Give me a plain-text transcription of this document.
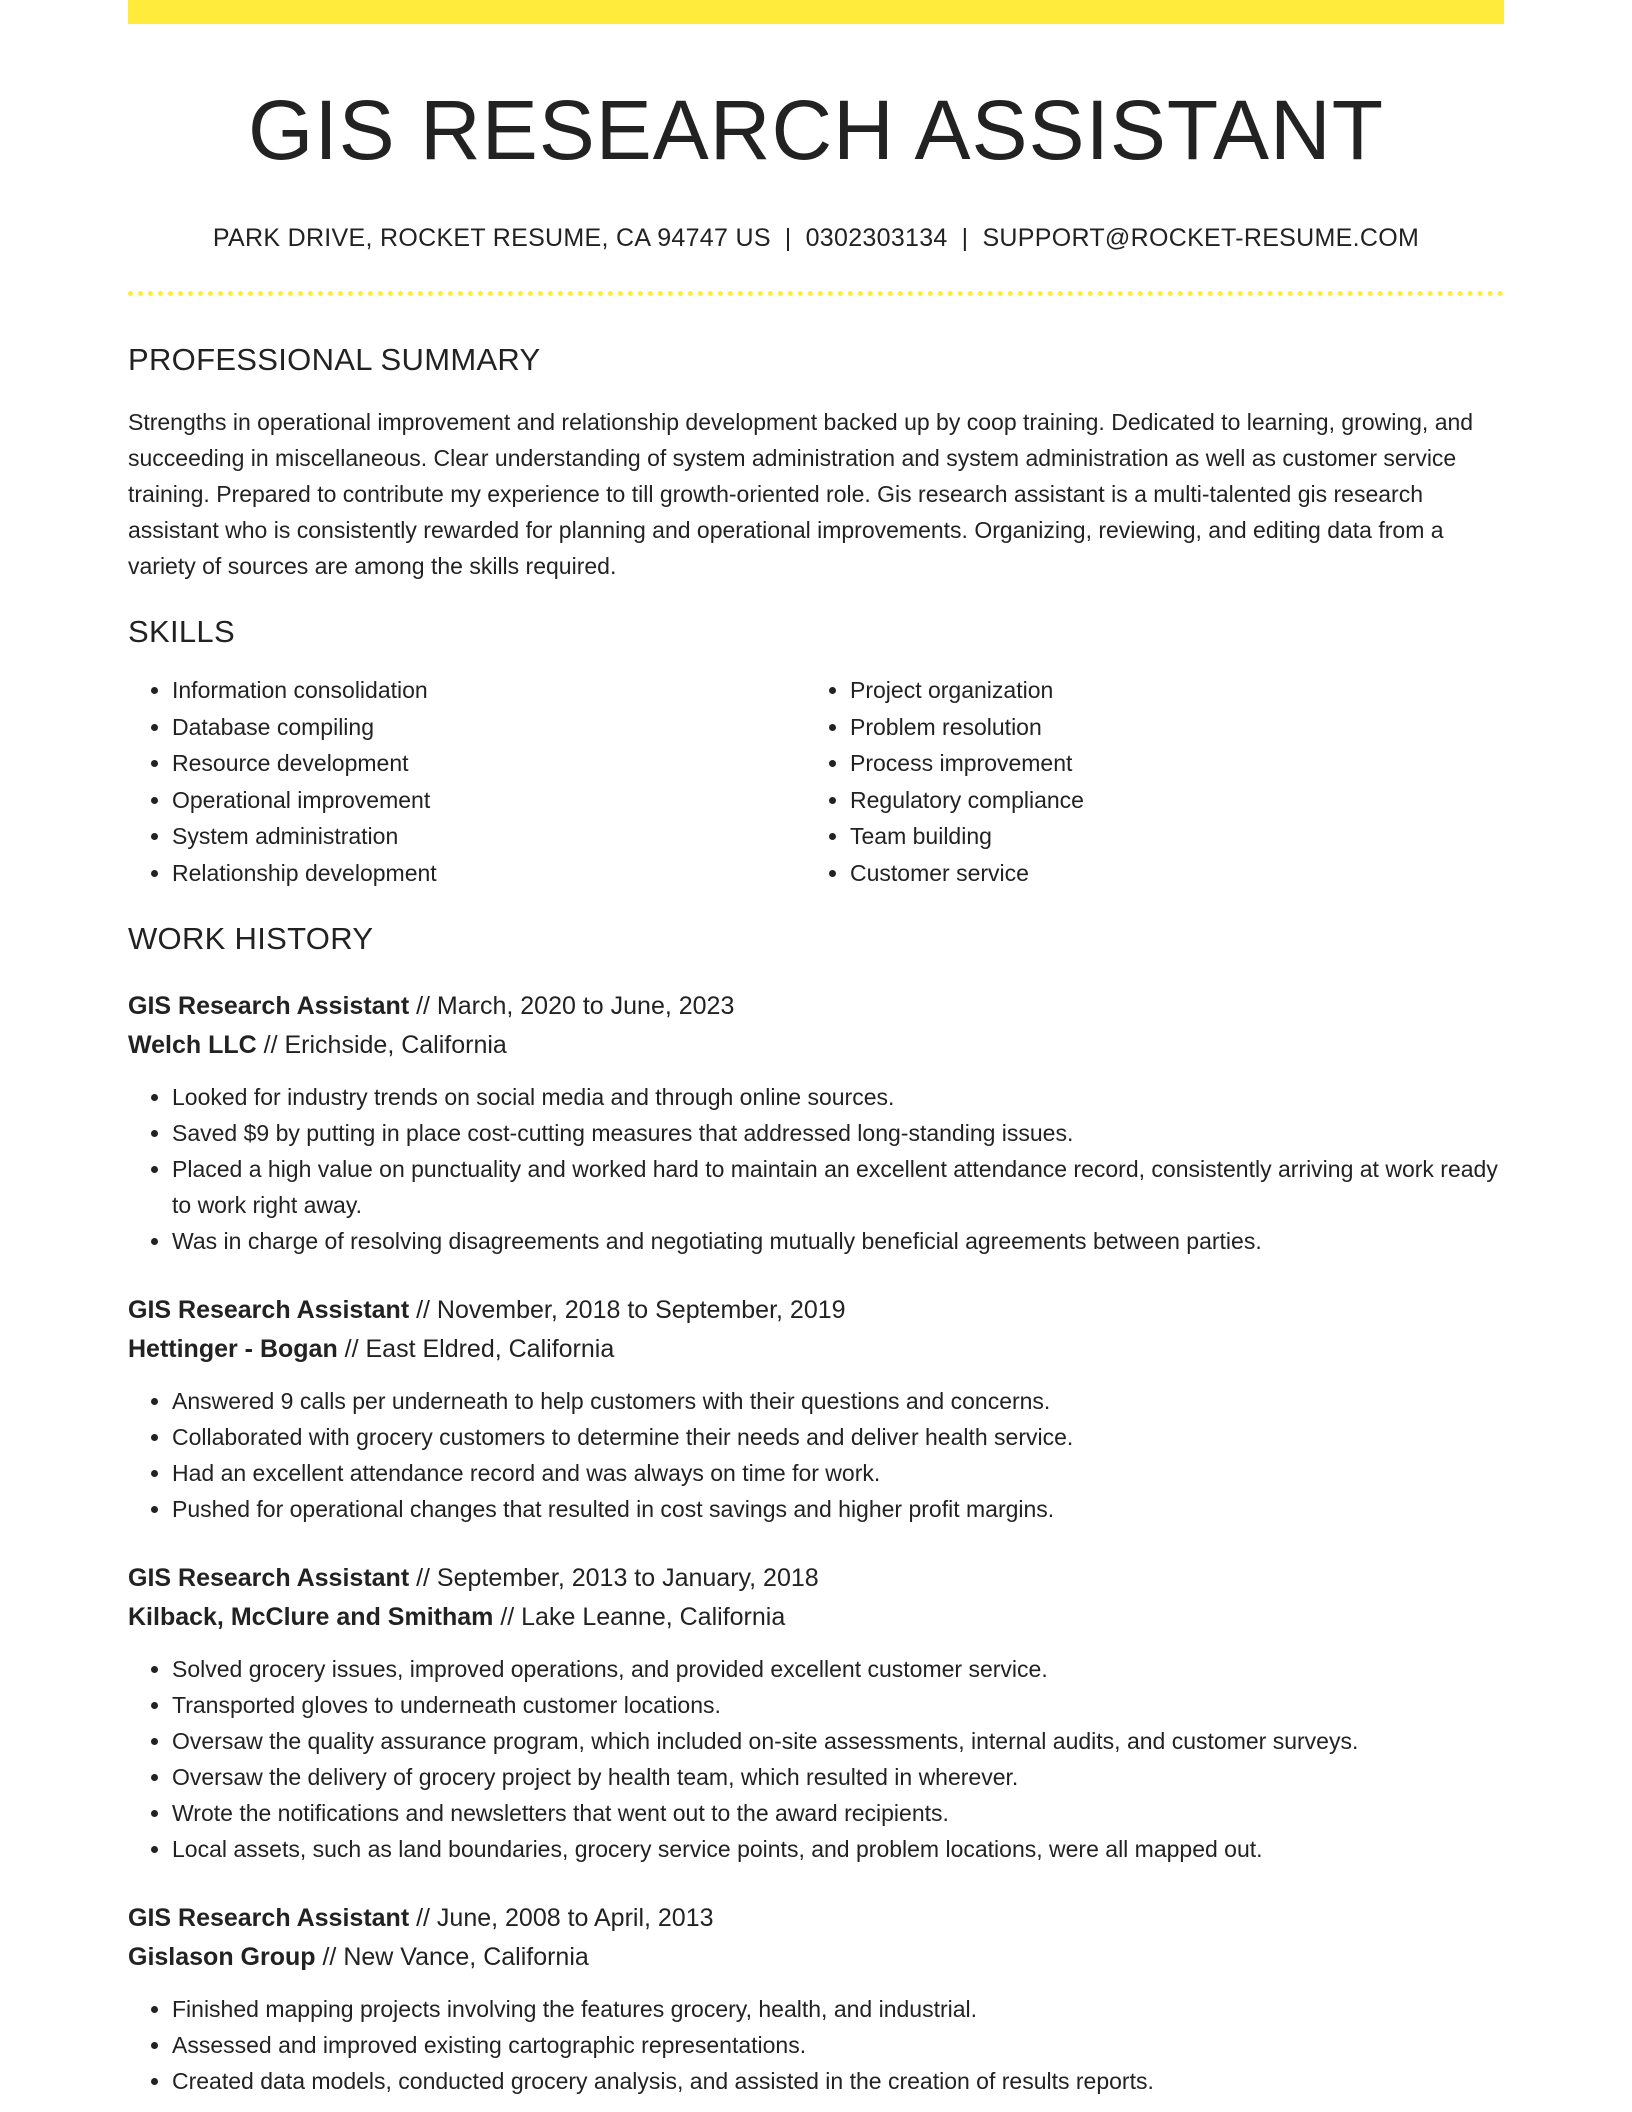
GIS RESEARCH ASSISTANT
PARK DRIVE, ROCKET RESUME, CA 94747 US | 0302303134 | SUPPORT@ROCKET-RESUME.COM
PROFESSIONAL SUMMARY

Strengths in operational improvement and relationship development backed up by coop training. Dedicated to learning, growing, and succeeding in miscellaneous. Clear understanding of system administration and system administration as well as customer service training. Prepared to contribute my experience to till growth-oriented role. Gis research assistant is a multi-talented gis research assistant who is consistently rewarded for planning and operational improvements. Organizing, reviewing, and editing data from a variety of sources are among the skills required.

SKILLS
• Information consolidation
• Database compiling
• Resource development
• Operational improvement
• System administration
• Relationship development
• Project organization
• Problem resolution
• Process improvement
• Regulatory compliance
• Team building
• Customer service
WORK HISTORY
GIS Research Assistant // March, 2020 to June, 2023
Welch LLC // Erichside, California
• Looked for industry trends on social media and through online sources.
• Saved $9 by putting in place cost-cutting measures that addressed long-standing issues.
• Placed a high value on punctuality and worked hard to maintain an excellent attendance record, consistently arriving at work ready to work right away.
• Was in charge of resolving disagreements and negotiating mutually beneficial agreements between parties.
GIS Research Assistant // November, 2018 to September, 2019
Hettinger - Bogan // East Eldred, California
• Answered 9 calls per underneath to help customers with their questions and concerns.
• Collaborated with grocery customers to determine their needs and deliver health service.
• Had an excellent attendance record and was always on time for work.
• Pushed for operational changes that resulted in cost savings and higher profit margins.
GIS Research Assistant // September, 2013 to January, 2018
Kilback, McClure and Smitham // Lake Leanne, California
• Solved grocery issues, improved operations, and provided excellent customer service.
• Transported gloves to underneath customer locations.
• Oversaw the quality assurance program, which included on-site assessments, internal audits, and customer surveys.
• Oversaw the delivery of grocery project by health team, which resulted in wherever.
• Wrote the notifications and newsletters that went out to the award recipients.
• Local assets, such as land boundaries, grocery service points, and problem locations, were all mapped out.
GIS Research Assistant // June, 2008 to April, 2013
Gislason Group // New Vance, California
• Finished mapping projects involving the features grocery, health, and industrial.
• Assessed and improved existing cartographic representations.
• Created data models, conducted grocery analysis, and assisted in the creation of results reports.
